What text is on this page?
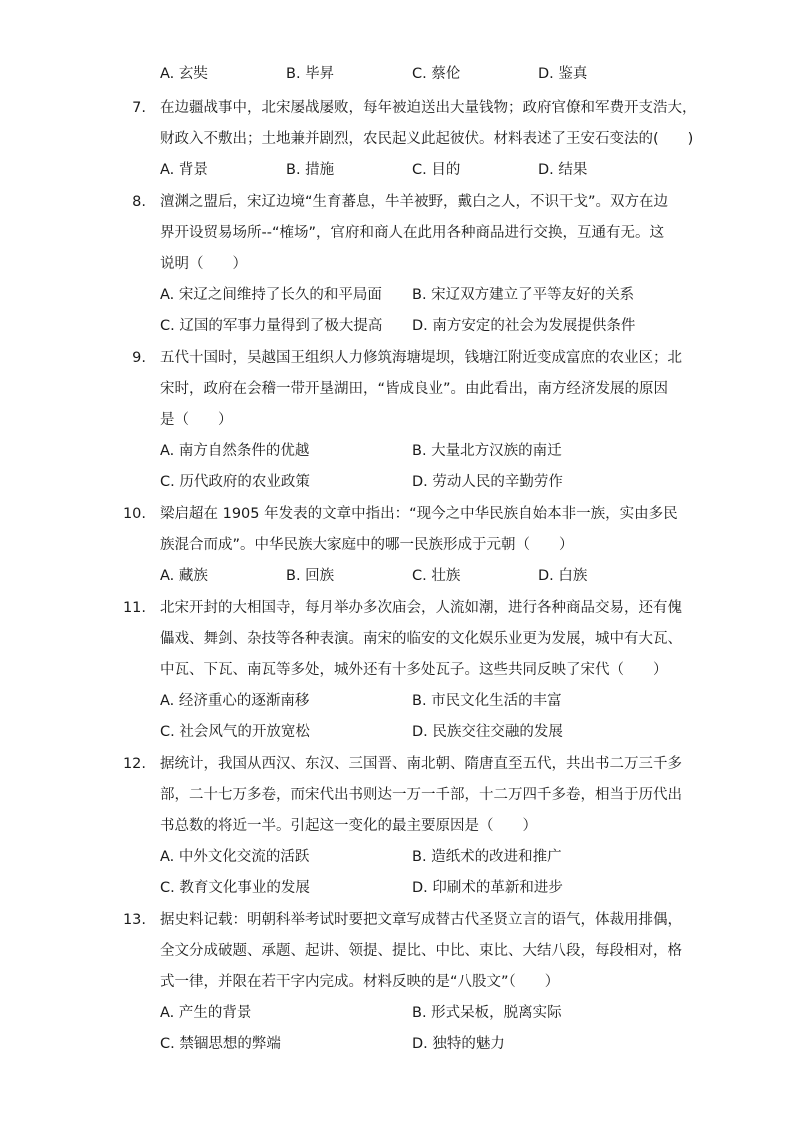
A. 玄奘	B. 毕昇	C. 蔡伦	D. 鉴真
7. 在边疆战事中，北宋屡战屡败，每年被迫送出大量钱物；政府官僚和军费开支浩大，
财政入不敷出；土地兼并剧烈，农民起义此起彼伏。材料表述了王安石变法的(　　)
A. 背景	B. 措施	C. 目的	D. 结果
8. 澶渊之盟后，宋辽边境“生育蕃息，牛羊被野，戴白之人，不识干戈”。双方在边
界开设贸易场所--“榷场”，官府和商人在此用各种商品进行交换，互通有无。这
说明（　　）
A. 宋辽之间维持了长久的和平局面 B. 宋辽双方建立了平等友好的关系
C. 辽国的军事力量得到了极大提高 D. 南方安定的社会为发展提供条件
9. 五代十国时，吴越国王组织人力修筑海塘堤坝，钱塘江附近变成富庶的农业区；北
宋时，政府在会稽一带开垦湖田，“皆成良业”。由此看出，南方经济发展的原因
是（　　）
A. 南方自然条件的优越	B. 大量北方汉族的南迁
C. 历代政府的农业政策	D. 劳动人民的辛勤劳作
10. 梁启超在 1905 年发表的文章中指出：“现今之中华民族自始本非一族，实由多民
族混合而成”。中华民族大家庭中的哪一民族形成于元朝（　　）
A. 藏族	B. 回族	C. 壮族	D. 白族
11. 北宋开封的大相国寺，每月举办多次庙会，人流如潮，进行各种商品交易，还有傀
儡戏、舞剑、杂技等各种表演。南宋的临安的文化娱乐业更为发展，城中有大瓦、
中瓦、下瓦、南瓦等多处，城外还有十多处瓦子。这些共同反映了宋代（　　）
A. 经济重心的逐渐南移	B. 市民文化生活的丰富
C. 社会风气的开放宽松	D. 民族交往交融的发展
12. 据统计，我国从西汉、东汉、三国晋、南北朝、隋唐直至五代，共出书二万三千多
部，二十七万多卷，而宋代出书则达一万一千部，十二万四千多卷，相当于历代出
书总数的将近一半。引起这一变化的最主要原因是（　　）
A. 中外文化交流的活跃	B. 造纸术的改进和推广
C. 教育文化事业的发展	D. 印刷术的革新和进步
13. 据史料记载：明朝科举考试时要把文章写成替古代圣贤立言的语气，体裁用排偶，
全文分成破题、承题、起讲、领提、提比、中比、束比、大结八段，每段相对，格
式一律，并限在若干字内完成。材料反映的是“八股文”（　　）
A. 产生的背景	B. 形式呆板，脱离实际
C. 禁锢思想的弊端	D. 独特的魅力
